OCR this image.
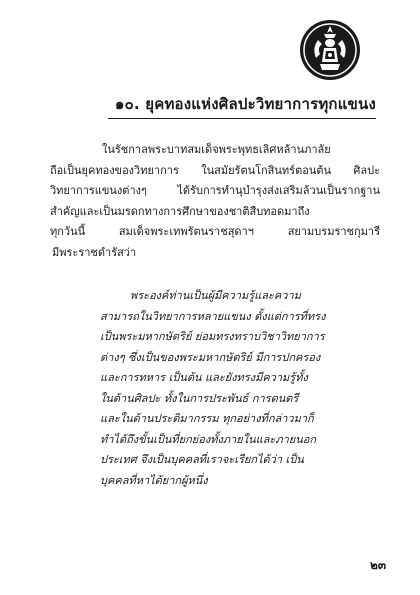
๑๐. ยุคทองแห่งศิลปะวิทยาการทุกแขนง
ในรัชกาลพระบาทสมเด็จพระพุทธเลิศหล้านภาลัย
ถือเป็นยุคทองของวิทยาการ ในสมัยรัตนโกสินทร์ตอนต้น ศิลปะ
วิทยาการแขนงต่างๆ ได้รับการทำนุบำรุงส่งเสริมล้วนเป็นรากฐาน
สำคัญและเป็นมรดกทางการศึกษาของชาติสืบทอดมาถึง
ทุกวันนี้ สมเด็จพระเทพรัตนราชสุดาฯ สยามบรมราชกุมารี
มีพระราชดำรัสว่า
พระองค์ท่านเป็นผู้มีความรู้และความ
สามารถในวิทยาการหลายแขนง ตั้งแต่การที่ทรง
เป็นพระมหากษัตริย์ ย่อมทรงทราบวิชาวิทยาการ
ต่างๆ ซึ่งเป็นของพระมหากษัตริย์ มีการปกครอง
และการทหาร เป็นต้น และยังทรงมีความรู้ทั้ง
ในด้านศิลปะ ทั้งในการประพันธ์ การดนตรี
และในด้านประติมากรรม ทุกอย่างที่กล่าวมาก็
ทำได้ถึงขั้นเป็นที่ยกย่องทั้งภายในและภายนอก
ประเทศ จึงเป็นบุคคลที่เราจะเรียกได้ว่า เป็น
บุคคลที่หาได้ยากผู้หนึ่ง
๒๓
